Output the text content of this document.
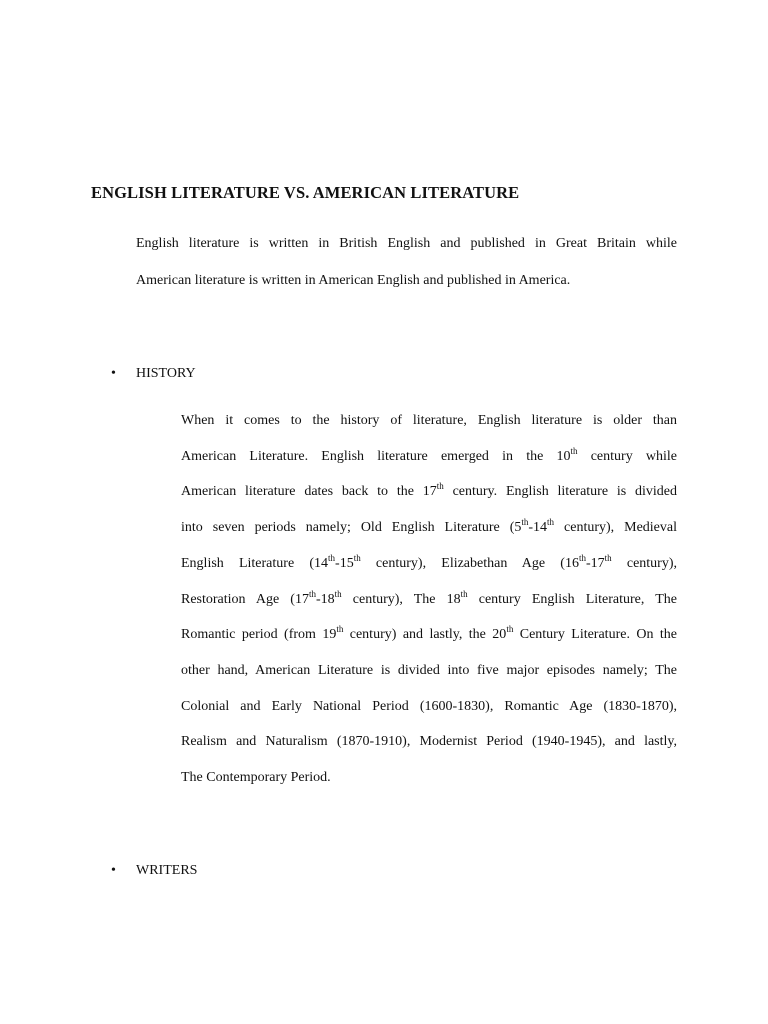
ENGLISH LITERATURE VS. AMERICAN LITERATURE
English literature is written in British English and published in Great Britain while
American literature is written in American English and published in America.
• HISTORY
When it comes to the history of literature, English literature is older than
American Literature. English literature emerged in the 10th century while
American literature dates back to the 17th century. English literature is divided
into seven periods namely; Old English Literature (5th-14th century), Medieval
English Literature (14th-15th century), Elizabethan Age (16th-17th century),
Restoration Age (17th-18th century), The 18th century English Literature, The
Romantic period (from 19th century) and lastly, the 20th Century Literature. On the
other hand, American Literature is divided into five major episodes namely; The
Colonial and Early National Period (1600-1830), Romantic Age (1830-1870),
Realism and Naturalism (1870-1910), Modernist Period (1940-1945), and lastly,
The Contemporary Period.
• WRITERS
